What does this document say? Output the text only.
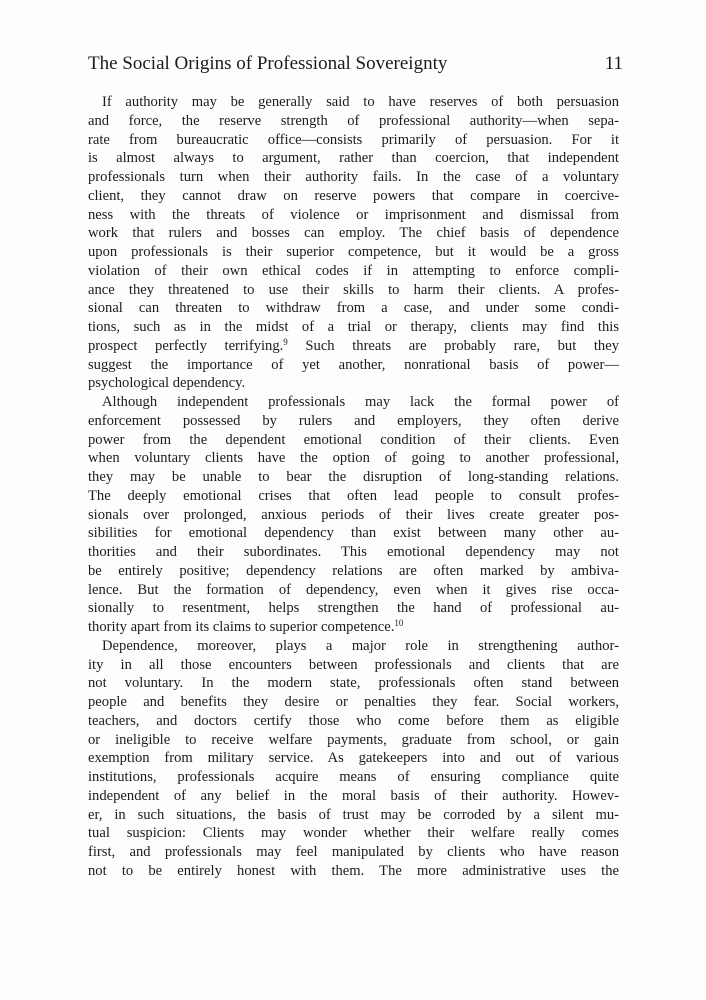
The Social Origins of Professional Sovereignty	11
If authority may be generally said to have reserves of both persuasion
and force, the reserve strength of professional authority—when sepa-
rate from bureaucratic office—consists primarily of persuasion. For it
is almost always to argument, rather than coercion, that independent
professionals turn when their authority fails. In the case of a voluntary
client, they cannot draw on reserve powers that compare in coercive-
ness with the threats of violence or imprisonment and dismissal from
work that rulers and bosses can employ. The chief basis of dependence
upon professionals is their superior competence, but it would be a gross
violation of their own ethical codes if in attempting to enforce compli-
ance they threatened to use their skills to harm their clients. A profes-
sional can threaten to withdraw from a case, and under some condi-
tions, such as in the midst of a trial or therapy, clients may find this
prospect perfectly terrifying.$^9$ Such threats are probably rare, but they
suggest the importance of yet another, nonrational basis of power—
psychological dependency.
Although independent professionals may lack the formal power of
enforcement possessed by rulers and employers, they often derive
power from the dependent emotional condition of their clients. Even
when voluntary clients have the option of going to another professional,
they may be unable to bear the disruption of long-standing relations.
The deeply emotional crises that often lead people to consult profes-
sionals over prolonged, anxious periods of their lives create greater pos-
sibilities for emotional dependency than exist between many other au-
thorities and their subordinates. This emotional dependency may not
be entirely positive; dependency relations are often marked by ambiva-
lence. But the formation of dependency, even when it gives rise occa-
sionally to resentment, helps strengthen the hand of professional au-
thority apart from its claims to superior competence.$^{10}$
Dependence, moreover, plays a major role in strengthening author-
ity in all those encounters between professionals and clients that are
not voluntary. In the modern state, professionals often stand between
people and benefits they desire or penalties they fear. Social workers,
teachers, and doctors certify those who come before them as eligible
or ineligible to receive welfare payments, graduate from school, or gain
exemption from military service. As gatekeepers into and out of various
institutions, professionals acquire means of ensuring compliance quite
independent of any belief in the moral basis of their authority. Howev-
er, in such situations, the basis of trust may be corroded by a silent mu-
tual suspicion: Clients may wonder whether their welfare really comes
first, and professionals may feel manipulated by clients who have reason
not to be entirely honest with them. The more administrative uses the
